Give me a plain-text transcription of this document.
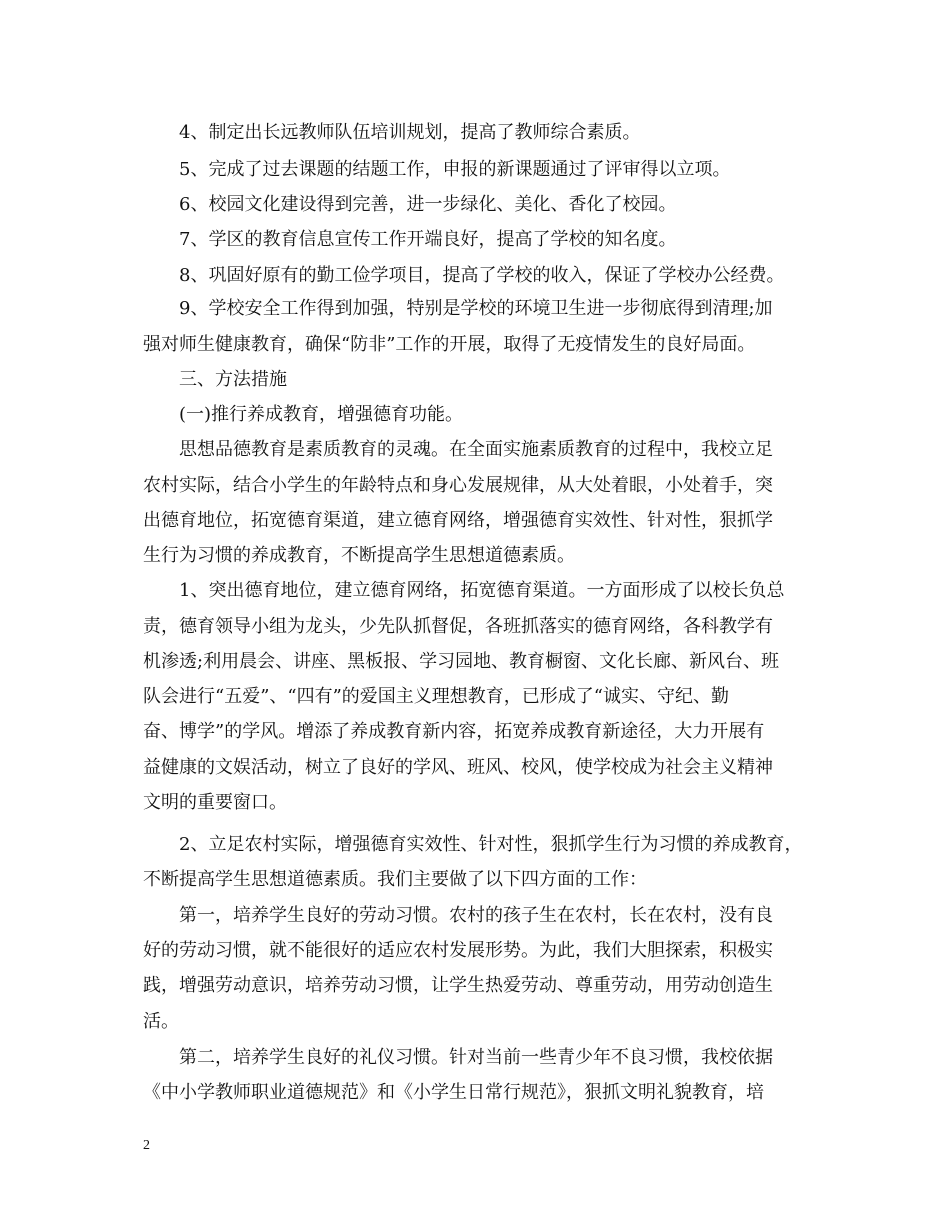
4、制定出长远教师队伍培训规划，提高了教师综合素质。
5、完成了过去课题的结题工作，申报的新课题通过了评审得以立项。
6、校园文化建设得到完善，进一步绿化、美化、香化了校园。
7、学区的教育信息宣传工作开端良好，提高了学校的知名度。
8、巩固好原有的勤工俭学项目，提高了学校的收入，保证了学校办公经费。
9、学校安全工作得到加强，特别是学校的环境卫生进一步彻底得到清理;加
强对师生健康教育，确保“防非”工作的开展，取得了无疫情发生的良好局面。
三、方法措施
(一)推行养成教育，增强德育功能。
思想品德教育是素质教育的灵魂。在全面实施素质教育的过程中，我校立足
农村实际，结合小学生的年龄特点和身心发展规律，从大处着眼，小处着手，突
出德育地位，拓宽德育渠道，建立德育网络，增强德育实效性、针对性，狠抓学
生行为习惯的养成教育，不断提高学生思想道德素质。
1、突出德育地位，建立德育网络，拓宽德育渠道。一方面形成了以校长负总
责，德育领导小组为龙头，少先队抓督促，各班抓落实的德育网络，各科教学有
机渗透;利用晨会、讲座、黑板报、学习园地、教育橱窗、文化长廊、新风台、班
队会进行“五爱”、“四有”的爱国主义理想教育，已形成了“诚实、守纪、勤
奋、博学”的学风。增添了养成教育新内容，拓宽养成教育新途径，大力开展有
益健康的文娱活动，树立了良好的学风、班风、校风，使学校成为社会主义精神
文明的重要窗口。
2、立足农村实际，增强德育实效性、针对性，狠抓学生行为习惯的养成教育，
不断提高学生思想道德素质。我们主要做了以下四方面的工作：
第一，培养学生良好的劳动习惯。农村的孩子生在农村，长在农村，没有良
好的劳动习惯，就不能很好的适应农村发展形势。为此，我们大胆探索，积极实
践，增强劳动意识，培养劳动习惯，让学生热爱劳动、尊重劳动，用劳动创造生
活。
第二，培养学生良好的礼仪习惯。针对当前一些青少年不良习惯，我校依据
《中小学教师职业道德规范》和《小学生日常行规范》，狠抓文明礼貌教育，培
2
